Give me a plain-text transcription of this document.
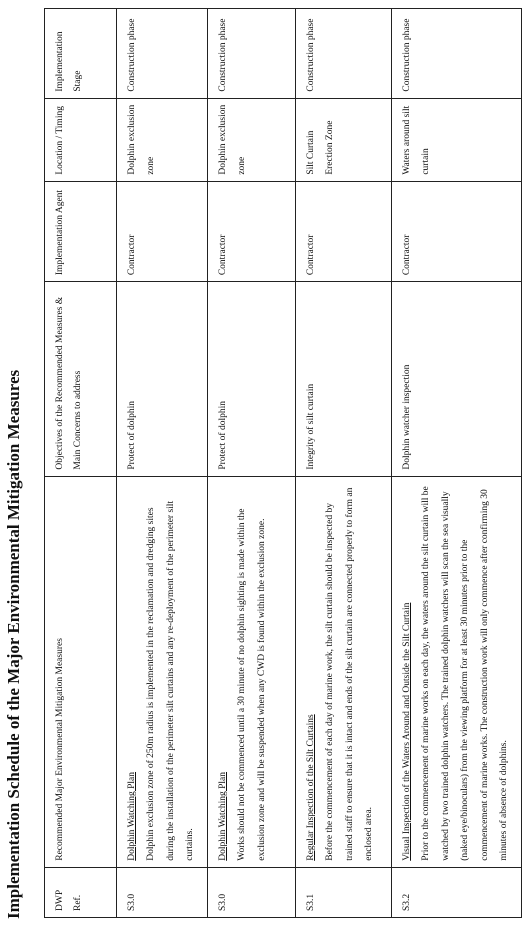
Implementation Schedule of the Major Environmental Mitigation Measures	DWP Ref.	Recommended Major Environmental Mitigation Measures	Objectives of the Recommended Measures & Main Concerns to address	Implementation Agent	Location / Timing	Implementation Stage
S3.0	Dolphin Watching Plan Dolphin exclusion zone of 250m radius is implemented in the reclamation and dredging sites during the installation of the perimeter silt curtains and any re-deployment of the perimeter silt curtains.	Protect of dolphin	Contractor	Dolphin exclusion zone	Construction phase
S3.0	Dolphin Watching Plan Works should not be commenced until a 30 minute of no dolphin sighting is made within the exclusion zone and will be suspended when any CWD is found within the exclusion zone.	Protect of dolphin	Contractor	Dolphin exclusion zone	Construction phase
S3.1	Regular Inspection of the Silt Curtains Before the commencement of each day of marine work, the silt curtain should be inspected by trained staff to ensure that it is intact and ends of the silt curtain are connected properly to form an enclosed area.	Integrity of silt curtain	Contractor	Silt Curtain Erection Zone	Construction phase
S3.2	Visual Inspection of the Waters Around and Outside the Silt Curtain Prior to the commencement of marine works on each day, the waters around the silt curtain will be watched by two trained dolphin watchers. The trained dolphin watchers will scan the sea visually (naked eye/binoculars) from the viewing platform for at least 30 minutes prior to the commencement of marine works. The construction work will only commence after confirming 30 minutes of absence of dolphins.	Dolphin watcher inspection	Contractor	Waters around silt curtain	Construction phase
